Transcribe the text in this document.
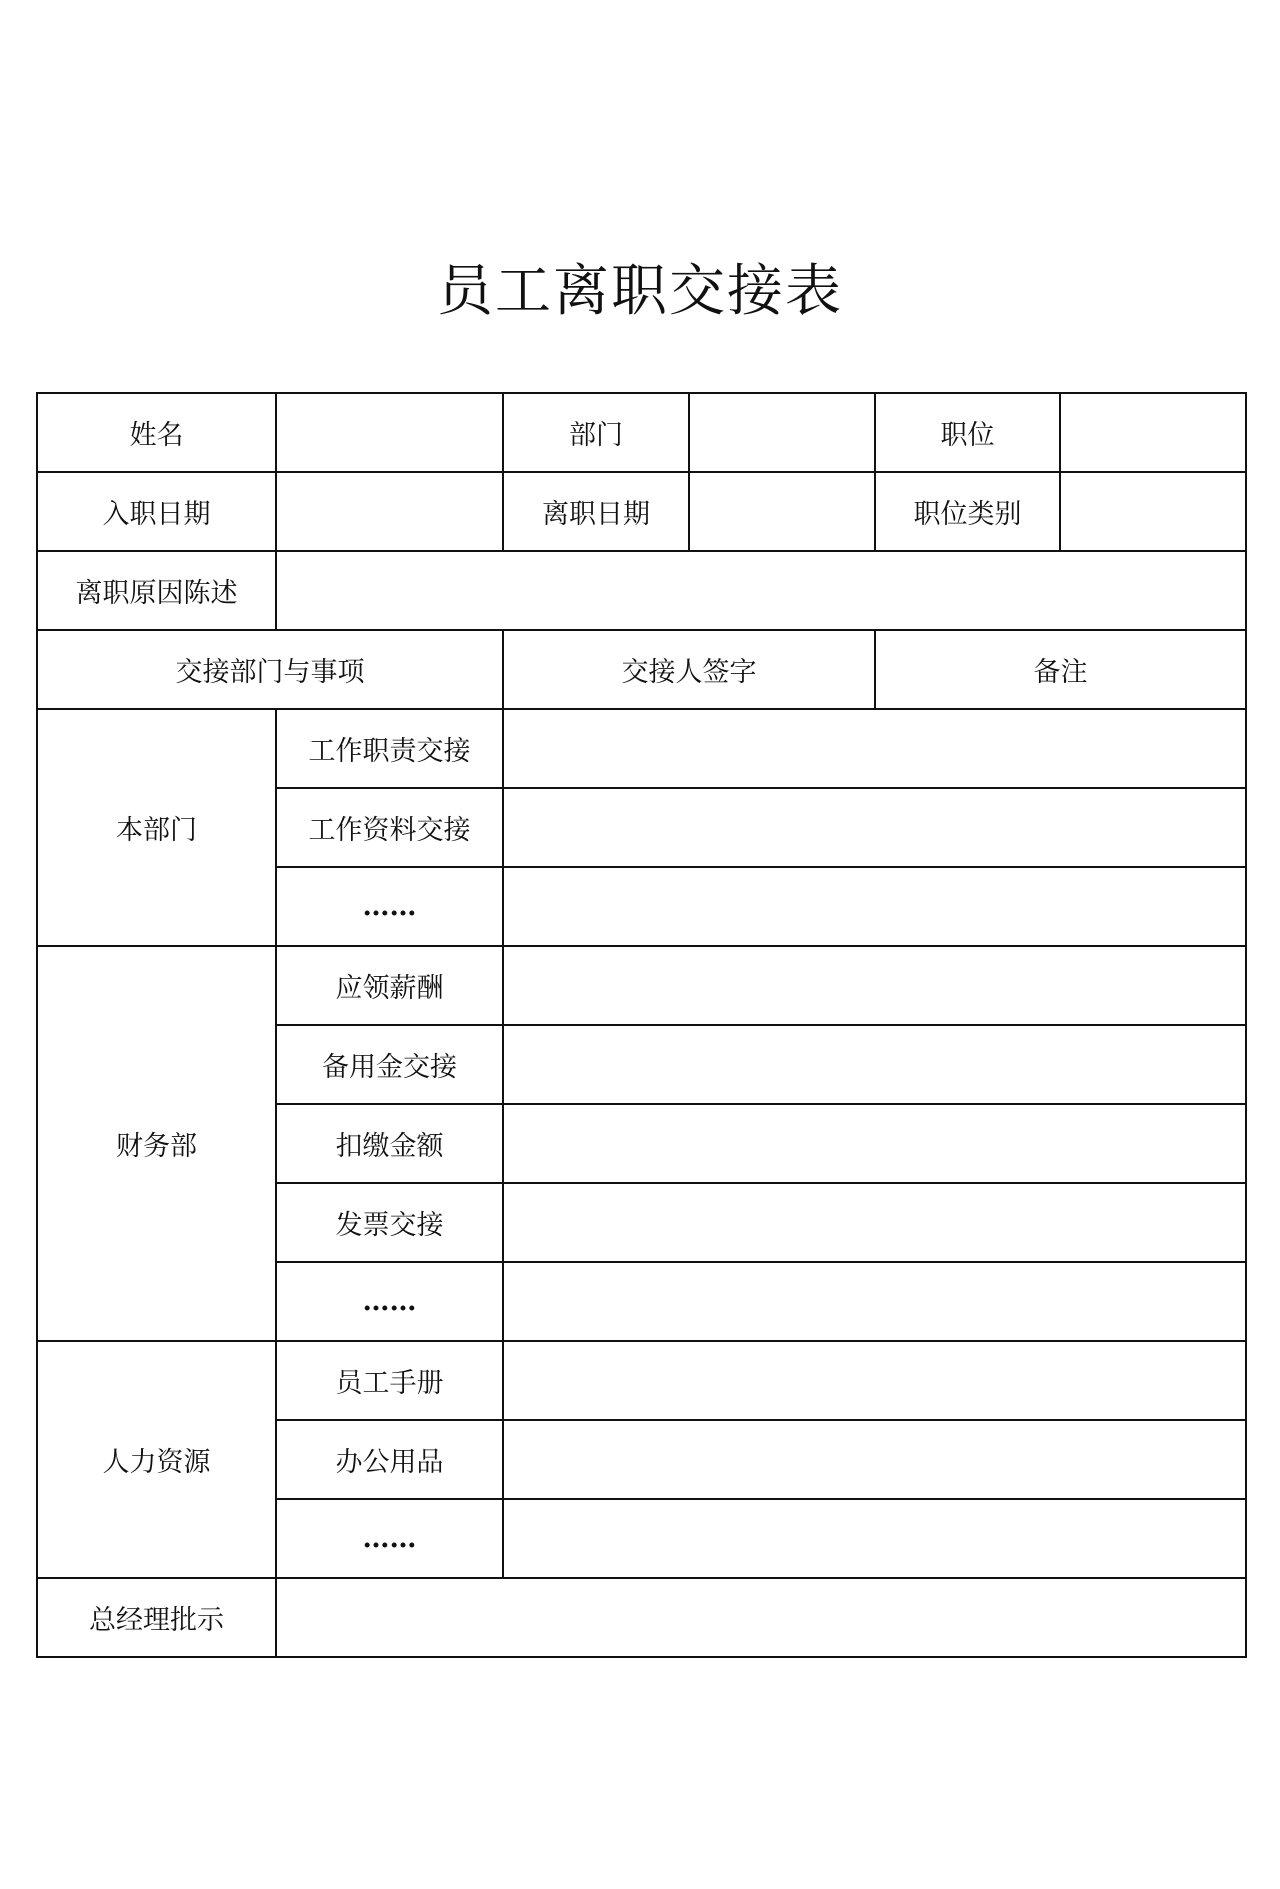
员工离职交接表
姓名		部门		职位	
入职日期		离职日期		职位类别	
离职原因陈述					
交接部门与事项		交接人签字		备注	
本部门	工作职责交接				
	工作资料交接				
	……				
财务部	应领薪酬				
	备用金交接				
	扣缴金额				
	发票交接				
	……				
人力资源	员工手册				
	办公用品				
	……				
总经理批示					
